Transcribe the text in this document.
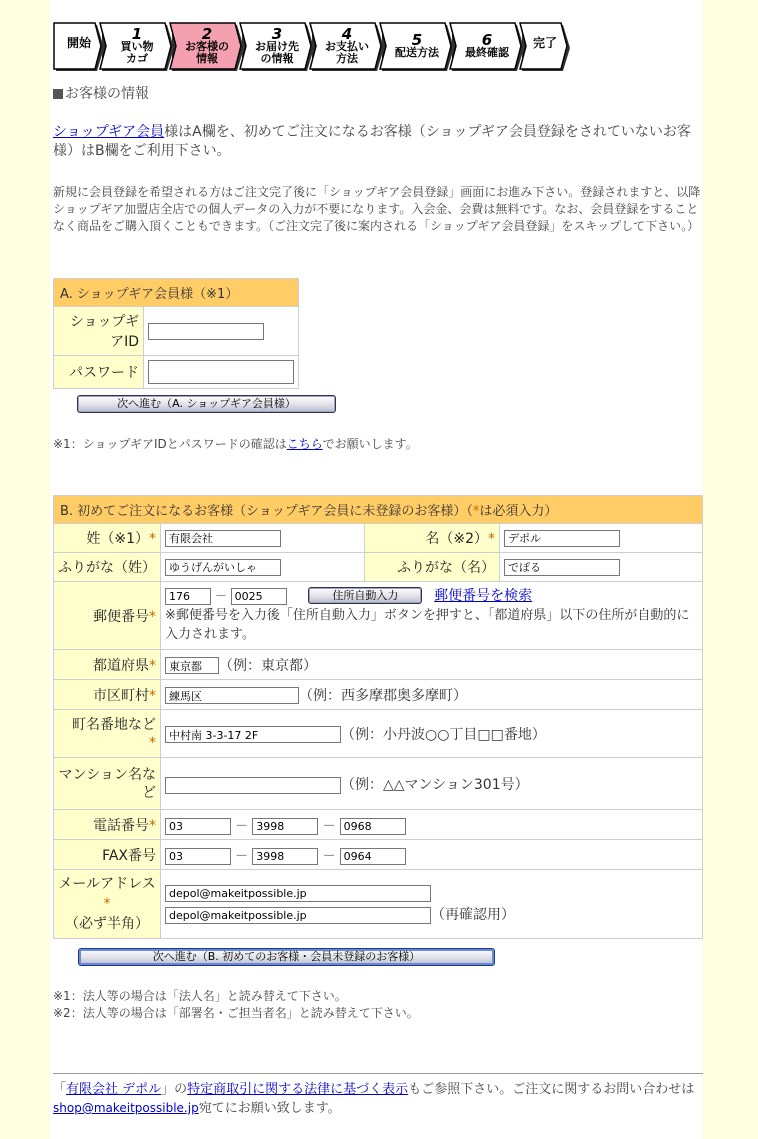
開始
1
買い物
カゴ
2
お客様の
情報
3
お届け先
の情報
4
お支払い
方法
5
配送方法
6
最終確認
完了
お客様の情報
ショップギア会員様はA欄を、初めてご注文になるお客様（ショップギア会員登録をされていないお客様）はB欄をご利用下さい。
新規に会員登録を希望される方はご注文完了後に「ショップギア会員登録」画面にお進み下さい。登録されますと、以降ショップギア加盟店全店での個人データの入力が不要になります。入会金、会費は無料です。なお、会員登録をすることなく商品をご購入頂くこともできます。（ご注文完了後に案内される「ショップギア会員登録」をスキップして下さい。）
A. ショップギア会員様（※1）	
ショップギアID	
パスワード	
次へ進む（A. ショップギア会員様）
※1：ショップギアIDとパスワードの確認はこちらでお願いします。
B. 初めてご注文になるお客様（ショップギア会員に未登録のお客様）（*は必須入力）			
姓（※1）*	有限会社	名（※2）*	デポル
ふりがな（姓）	ゆうげんがいしゃ	ふりがな（名）	でぽる
郵便番号*	176 － 0025 住所自動入力 郵便番号を検索
※郵便番号を入力後「住所自動入力」ボタンを押すと、「都道府県」以下の住所が自動的に入力されます。
都道府県*	東京都（例：東京都）
市区町村*	練馬区（例：西多摩郡奥多摩町）
町名番地など
*	中村南 3-3-17 2F（例：小丹波○○丁目□□番地）
マンション名など	（例：△△マンション301号）		
電話番号*	03－ 3998 － 0968
FAX番号	03－ 3998 － 0964
メールアドレス*
（必ず半角）	depol@makeitpossible.jp
depol@makeitpossible.jp（再確認用）
次へ進む（B. 初めてのお客様・会員未登録のお客様）
※1：法人等の場合は「法人名」と読み替えて下さい。
※2：法人等の場合は「部署名・ご担当者名」と読み替えて下さい。
「有限会社 デポル」の特定商取引に関する法律に基づく表示もご参照下さい。ご注文に関するお問い合わせはshop@makeitpossible.jp宛てにお願い致します。
